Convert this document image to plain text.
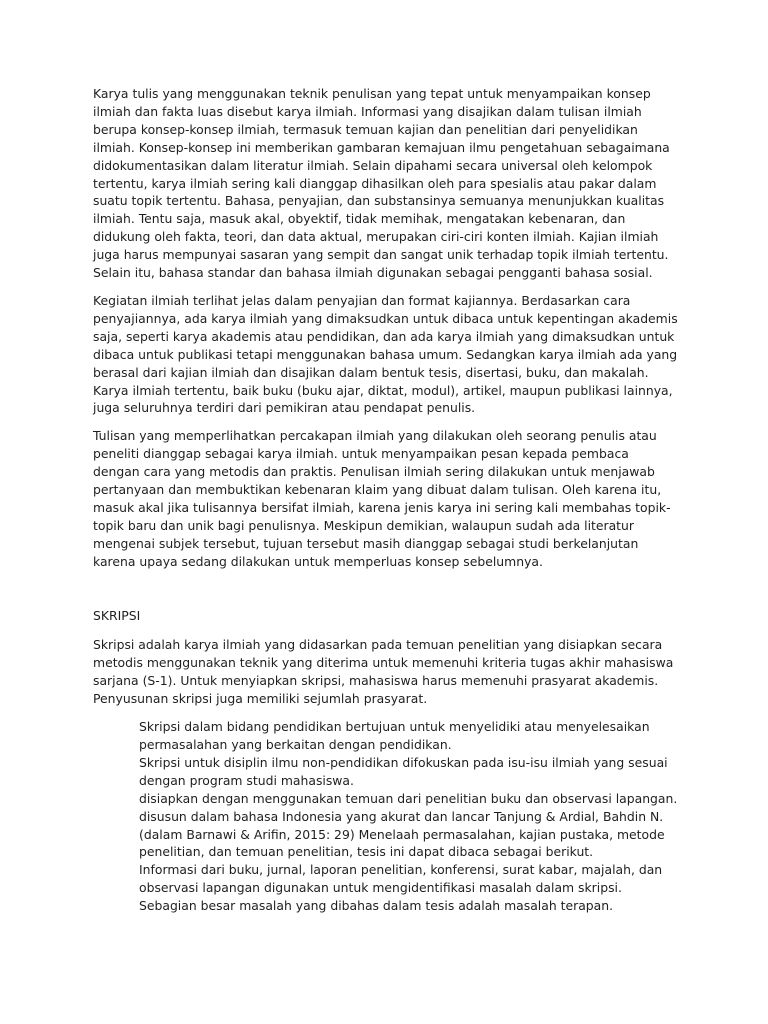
Karya tulis yang menggunakan teknik penulisan yang tepat untuk menyampaikan konsep ilmiah dan fakta luas disebut karya ilmiah. Informasi yang disajikan dalam tulisan ilmiah berupa konsep-konsep ilmiah, termasuk temuan kajian dan penelitian dari penyelidikan ilmiah. Konsep-konsep ini memberikan gambaran kemajuan ilmu pengetahuan sebagaimana didokumentasikan dalam literatur ilmiah. Selain dipahami secara universal oleh kelompok tertentu, karya ilmiah sering kali dianggap dihasilkan oleh para spesialis atau pakar dalam suatu topik tertentu. Bahasa, penyajian, dan substansinya semuanya menunjukkan kualitas ilmiah. Tentu saja, masuk akal, obyektif, tidak memihak, mengatakan kebenaran, dan didukung oleh fakta, teori, dan data aktual, merupakan ciri-ciri konten ilmiah. Kajian ilmiah juga harus mempunyai sasaran yang sempit dan sangat unik terhadap topik ilmiah tertentu. Selain itu, bahasa standar dan bahasa ilmiah digunakan sebagai pengganti bahasa sosial.

Kegiatan ilmiah terlihat jelas dalam penyajian dan format kajiannya. Berdasarkan cara penyajiannya, ada karya ilmiah yang dimaksudkan untuk dibaca untuk kepentingan akademis saja, seperti karya akademis atau pendidikan, dan ada karya ilmiah yang dimaksudkan untuk dibaca untuk publikasi tetapi menggunakan bahasa umum. Sedangkan karya ilmiah ada yang berasal dari kajian ilmiah dan disajikan dalam bentuk tesis, disertasi, buku, dan makalah. Karya ilmiah tertentu, baik buku (buku ajar, diktat, modul), artikel, maupun publikasi lainnya, juga seluruhnya terdiri dari pemikiran atau pendapat penulis.

Tulisan yang memperlihatkan percakapan ilmiah yang dilakukan oleh seorang penulis atau peneliti dianggap sebagai karya ilmiah. untuk menyampaikan pesan kepada pembaca dengan cara yang metodis dan praktis. Penulisan ilmiah sering dilakukan untuk menjawab pertanyaan dan membuktikan kebenaran klaim yang dibuat dalam tulisan. Oleh karena itu, masuk akal jika tulisannya bersifat ilmiah, karena jenis karya ini sering kali membahas topik-topik baru dan unik bagi penulisnya. Meskipun demikian, walaupun sudah ada literatur mengenai subjek tersebut, tujuan tersebut masih dianggap sebagai studi berkelanjutan karena upaya sedang dilakukan untuk memperluas konsep sebelumnya.

SKRIPSI

Skripsi adalah karya ilmiah yang didasarkan pada temuan penelitian yang disiapkan secara metodis menggunakan teknik yang diterima untuk memenuhi kriteria tugas akhir mahasiswa sarjana (S-1). Untuk menyiapkan skripsi, mahasiswa harus memenuhi prasyarat akademis. Penyusunan skripsi juga memiliki sejumlah prasyarat.

Skripsi dalam bidang pendidikan bertujuan untuk menyelidiki atau menyelesaikan permasalahan yang berkaitan dengan pendidikan.
Skripsi untuk disiplin ilmu non-pendidikan difokuskan pada isu-isu ilmiah yang sesuai dengan program studi mahasiswa.
disiapkan dengan menggunakan temuan dari penelitian buku dan observasi lapangan.
disusun dalam bahasa Indonesia yang akurat dan lancar Tanjung & Ardial, Bahdin N. (dalam Barnawi & Arifin, 2015: 29) Menelaah permasalahan, kajian pustaka, metode penelitian, dan temuan penelitian, tesis ini dapat dibaca sebagai berikut.
Informasi dari buku, jurnal, laporan penelitian, konferensi, surat kabar, majalah, dan observasi lapangan digunakan untuk mengidentifikasi masalah dalam skripsi. Sebagian besar masalah yang dibahas dalam tesis adalah masalah terapan.
